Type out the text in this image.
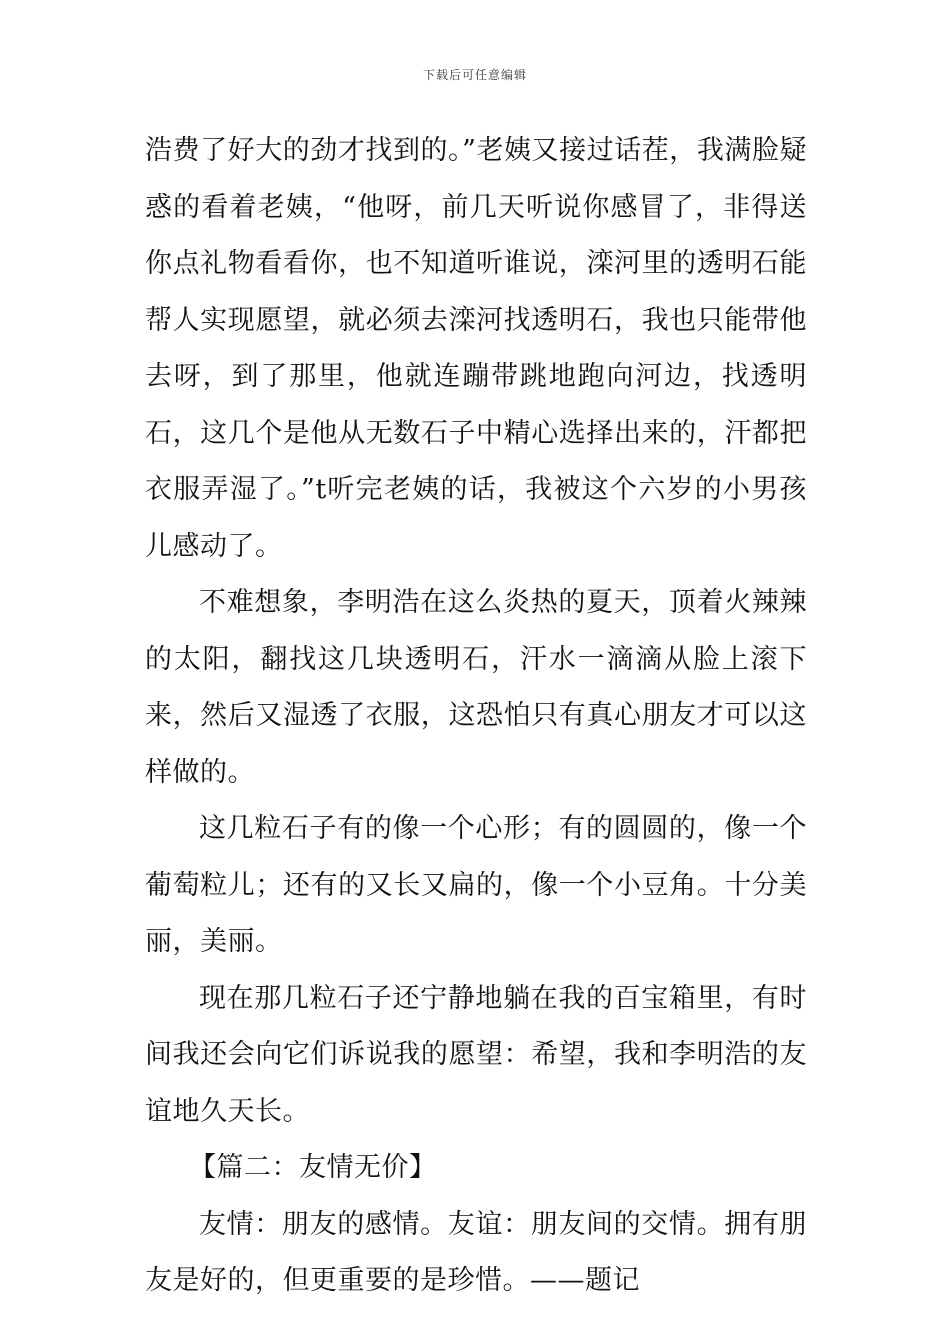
下载后可任意编辑

浩费了好大的劲才找到的。”老姨又接过话茬，我满脸疑惑的看着老姨，“他呀，前几天听说你感冒了，非得送你点礼物看看你，也不知道听谁说，滦河里的透明石能帮人实现愿望，就必须去滦河找透明石，我也只能带他去呀，到了那里，他就连蹦带跳地跑向河边，找透明石，这几个是他从无数石子中精心选择出来的，汗都把衣服弄湿了。”t听完老姨的话，我被这个六岁的小男孩儿感动了。

不难想象，李明浩在这么炎热的夏天，顶着火辣辣的太阳，翻找这几块透明石，汗水一滴滴从脸上滚下来，然后又湿透了衣服，这恐怕只有真心朋友才可以这样做的。

这几粒石子有的像一个心形；有的圆圆的，像一个葡萄粒儿；还有的又长又扁的，像一个小豆角。十分美丽，美丽。

现在那几粒石子还宁静地躺在我的百宝箱里，有时间我还会向它们诉说我的愿望：希望，我和李明浩的友谊地久天长。

【篇二：友情无价】

友情：朋友的感情。友谊：朋友间的交情。拥有朋友是好的，但更重要的是珍惜。——题记
